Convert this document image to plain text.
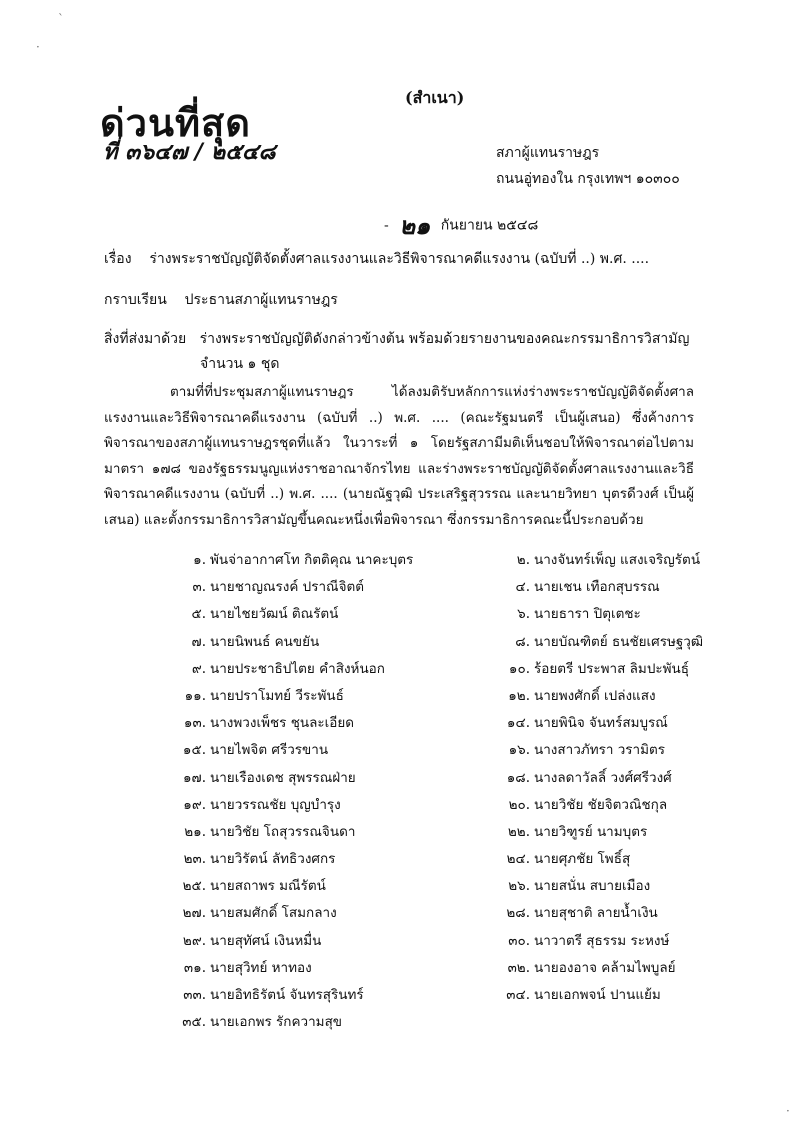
ˋ
·
·
ด่วนที่สุด
ที่ ๓๖๔๗ / ๒๕๔๘
(สำเนา)
สภาผู้แทนราษฎร
ถนนอู่ทองใน กรุงเทพฯ ๑๐๓๐๐
- ๒๑ กันยายน ๒๕๔๘
เรื่อง ร่างพระราชบัญญัติจัดตั้งศาลแรงงานและวิธีพิจารณาคดีแรงงาน (ฉบับที่ ..) พ.ศ. ....
กราบเรียน ประธานสภาผู้แทนราษฎร
สิ่งที่ส่งมาด้วย ร่างพระราชบัญญัติดังกล่าวข้างต้น พร้อมด้วยรายงานของคณะกรรมาธิการวิสามัญ
จำนวน ๑ ชุด

ตามที่ที่ประชุมสภาผู้แทนราษฎร ได้ลงมติรับหลักการแห่งร่างพระราชบัญญัติจัดตั้งศาลแรงงานและวิธีพิจารณาคดีแรงงาน (ฉบับที่ ..) พ.ศ. .... (คณะรัฐมนตรี เป็นผู้เสนอ) ซึ่งค้างการพิจารณาของสภาผู้แทนราษฎรชุดที่แล้ว ในวาระที่ ๑ โดยรัฐสภามีมติเห็นชอบให้พิจารณาต่อไปตามมาตรา ๑๗๘ ของรัฐธรรมนูญแห่งราชอาณาจักรไทย และร่างพระราชบัญญัติจัดตั้งศาลแรงงานและวิธีพิจารณาคดีแรงงาน (ฉบับที่ ..) พ.ศ. .... (นายณัฐวุฒิ ประเสริฐสุวรรณ และนายวิทยา บุตรดีวงศ์ เป็นผู้เสนอ) และตั้งกรรมาธิการวิสามัญขึ้นคณะหนึ่งเพื่อพิจารณา ซึ่งกรรมาธิการคณะนี้ประกอบด้วย

๑. พันจ่าอากาศโท กิตติคุณ นาคะบุตร	๒. นางจันทร์เพ็ญ แสงเจริญรัตน์
๓. นายชาญณรงค์ ปราณีจิตต์	๔. นายเชน เทือกสุบรรณ
๕. นายไชยวัฒน์ ติณรัตน์	๖. นายธารา ปิตุเตชะ
๗. นายนิพนธ์ คนขยัน	๘. นายบัณฑิตย์ ธนชัยเศรษฐวุฒิ
๙. นายประชาธิปไตย คำสิงห์นอก	๑๐. ร้อยตรี ประพาส ลิมปะพันธุ์
๑๑. นายปราโมทย์ วีระพันธ์	๑๒. นายพงศักดิ์ เปล่งแสง
๑๓. นางพวงเพ็ชร ชุนละเอียด	๑๔. นายพินิจ จันทร์สมบูรณ์
๑๕. นายไพจิต ศรีวรขาน	๑๖. นางสาวภัทรา วรามิตร
๑๗. นายเรืองเดช สุพรรณฝ่าย	๑๘. นางลดาวัลลิ์ วงศ์ศรีวงศ์
๑๙. นายวรรณชัย บุญบำรุง	๒๐. นายวิชัย ชัยจิตวณิชกุล
๒๑. นายวิชัย โถสุวรรณจินดา	๒๒. นายวิฑูรย์ นามบุตร
๒๓. นายวิรัตน์ ลัทธิวงศกร	๒๔. นายศุภชัย โพธิ์สุ
๒๕. นายสถาพร มณีรัตน์	๒๖. นายสนั่น สบายเมือง
๒๗. นายสมศักดิ์ โสมกลาง	๒๘. นายสุชาติ ลายน้ำเงิน
๒๙. นายสุทัศน์ เงินหมื่น	๓๐. นาวาตรี สุธรรม ระหงษ์
๓๑. นายสุวิทย์ หาทอง	๓๒. นายองอาจ คล้ามไพบูลย์
๓๓. นายอิทธิรัตน์ จันทรสุรินทร์	๓๔. นายเอกพจน์ ปานแย้ม
๓๕. นายเอกพร รักความสุข
